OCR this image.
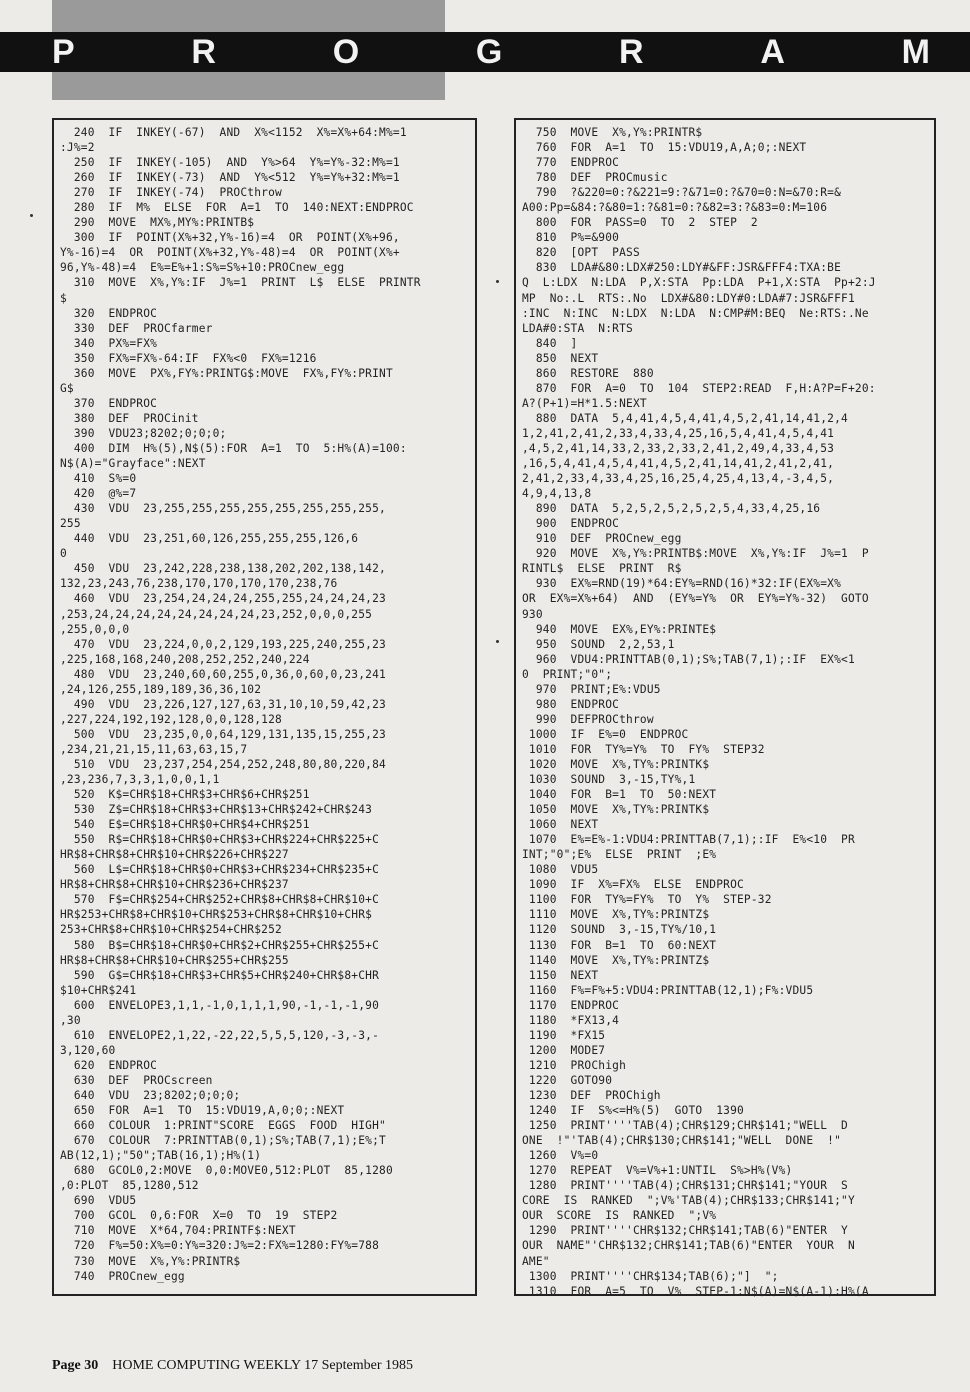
P	R	O	G	R	A	M
240  IF  INKEY(-67)  AND  X%<1152  X%=X%+64:M%=1
:J%=2
250  IF  INKEY(-105)  AND  Y%>64  Y%=Y%-32:M%=1
260  IF  INKEY(-73)  AND  Y%<512  Y%=Y%+32:M%=1
270  IF  INKEY(-74)  PROCthrow
280  IF  M%  ELSE  FOR  A=1  TO  140:NEXT:ENDPROC
290  MOVE  MX%,MY%:PRINTB$
300  IF  POINT(X%+32,Y%-16)=4  OR  POINT(X%+96,
Y%-16)=4  OR  POINT(X%+32,Y%-48)=4  OR  POINT(X%+
96,Y%-48)=4  E%=E%+1:S%=S%+10:PROCnew_egg
310  MOVE  X%,Y%:IF  J%=1  PRINT  L$  ELSE  PRINTR
$
320  ENDPROC
330  DEF  PROCfarmer
340  PX%=FX%
350  FX%=FX%-64:IF  FX%<0  FX%=1216
360  MOVE  PX%,FY%:PRINTG$:MOVE  FX%,FY%:PRINT
G$
370  ENDPROC
380  DEF  PROCinit
390  VDU23;8202;0;0;0;
400  DIM  H%(5),N$(5):FOR  A=1  TO  5:H%(A)=100:
N$(A)="Grayface":NEXT
410  S%=0
420  @%=7
430  VDU  23,255,255,255,255,255,255,255,255,
255
440  VDU  23,251,60,126,255,255,255,126,6
0
450  VDU  23,242,228,238,138,202,202,138,142,
132,23,243,76,238,170,170,170,170,238,76
460  VDU  23,254,24,24,24,255,255,24,24,24,23
,253,24,24,24,24,24,24,24,24,23,252,0,0,0,255
,255,0,0,0
470  VDU  23,224,0,0,2,129,193,225,240,255,23
,225,168,168,240,208,252,252,240,224
480  VDU  23,240,60,60,255,0,36,0,60,0,23,241
,24,126,255,189,189,36,36,102
490  VDU  23,226,127,127,63,31,10,10,59,42,23
,227,224,192,192,128,0,0,128,128
500  VDU  23,235,0,0,64,129,131,135,15,255,23
,234,21,21,15,11,63,63,15,7
510  VDU  23,237,254,254,252,248,80,80,220,84
,23,236,7,3,3,1,0,0,1,1
520  K$=CHR$18+CHR$3+CHR$6+CHR$251
530  Z$=CHR$18+CHR$3+CHR$13+CHR$242+CHR$243
540  E$=CHR$18+CHR$0+CHR$4+CHR$251
550  R$=CHR$18+CHR$0+CHR$3+CHR$224+CHR$225+C
HR$8+CHR$8+CHR$10+CHR$226+CHR$227
560  L$=CHR$18+CHR$0+CHR$3+CHR$234+CHR$235+C
HR$8+CHR$8+CHR$10+CHR$236+CHR$237
570  F$=CHR$254+CHR$252+CHR$8+CHR$8+CHR$10+C
HR$253+CHR$8+CHR$10+CHR$253+CHR$8+CHR$10+CHR$
253+CHR$8+CHR$10+CHR$254+CHR$252
580  B$=CHR$18+CHR$0+CHR$2+CHR$255+CHR$255+C
HR$8+CHR$8+CHR$10+CHR$255+CHR$255
590  G$=CHR$18+CHR$3+CHR$5+CHR$240+CHR$8+CHR
$10+CHR$241
600  ENVELOPE3,1,1,-1,0,1,1,1,90,-1,-1,-1,90
,30
610  ENVELOPE2,1,22,-22,22,5,5,5,120,-3,-3,-
3,120,60
620  ENDPROC
630  DEF  PROCscreen
640  VDU  23;8202;0;0;0;
650  FOR  A=1  TO  15:VDU19,A,0;0;:NEXT
660  COLOUR  1:PRINT"SCORE  EGGS  FOOD  HIGH"
670  COLOUR  7:PRINTTAB(0,1);S%;TAB(7,1);E%;T
AB(12,1);"50";TAB(16,1);H%(1)
680  GCOL0,2:MOVE  0,0:MOVE0,512:PLOT  85,1280
,0:PLOT  85,1280,512
690  VDU5
700  GCOL  0,6:FOR  X=0  TO  19  STEP2
710  MOVE  X*64,704:PRINTF$:NEXT
720  F%=50:X%=0:Y%=320:J%=2:FX%=1280:FY%=788
730  MOVE  X%,Y%:PRINTR$
740  PROCnew_egg
750  MOVE  X%,Y%:PRINTR$
760  FOR  A=1  TO  15:VDU19,A,A;0;:NEXT
770  ENDPROC
780  DEF  PROCmusic
790  ?&220=0:?&221=9:?&71=0:?&70=0:N=&70:R=&
A00:Pp=&84:?&80=1:?&81=0:?&82=3:?&83=0:M=106
800  FOR  PASS=0  TO  2  STEP  2
810  P%=&900
820  [OPT  PASS
830  LDA#&80:LDX#250:LDY#&FF:JSR&FFF4:TXA:BE
Q  L:LDX  N:LDA  P,X:STA  Pp:LDA  P+1,X:STA  Pp+2:J
MP  No:.L  RTS:.No  LDX#&80:LDY#0:LDA#7:JSR&FFF1
:INC  N:INC  N:LDX  N:LDA  N:CMP#M:BEQ  Ne:RTS:.Ne
LDA#0:STA  N:RTS
840  ]
850  NEXT
860  RESTORE  880
870  FOR  A=0  TO  104  STEP2:READ  F,H:A?P=F+20:
A?(P+1)=H*1.5:NEXT
880  DATA  5,4,41,4,5,4,41,4,5,2,41,14,41,2,4
1,2,41,2,41,2,33,4,33,4,25,16,5,4,41,4,5,4,41
,4,5,2,41,14,33,2,33,2,33,2,41,2,49,4,33,4,53
,16,5,4,41,4,5,4,41,4,5,2,41,14,41,2,41,2,41,
2,41,2,33,4,33,4,25,16,25,4,25,4,13,4,-3,4,5,
4,9,4,13,8
890  DATA  5,2,5,2,5,2,5,2,5,4,33,4,25,16
900  ENDPROC
910  DEF  PROCnew_egg
920  MOVE  X%,Y%:PRINTB$:MOVE  X%,Y%:IF  J%=1  P
RINTL$  ELSE  PRINT  R$
930  EX%=RND(19)*64:EY%=RND(16)*32:IF(EX%=X%
OR  EX%=X%+64)  AND  (EY%=Y%  OR  EY%=Y%-32)  GOTO
930
940  MOVE  EX%,EY%:PRINTE$
950  SOUND  2,2,53,1
960  VDU4:PRINTTAB(0,1);S%;TAB(7,1);:IF  EX%<1
0  PRINT;"0";
970  PRINT;E%:VDU5
980  ENDPROC
990  DEFPROCthrow
1000  IF  E%=0  ENDPROC
1010  FOR  TY%=Y%  TO  FY%  STEP32
1020  MOVE  X%,TY%:PRINTK$
1030  SOUND  3,-15,TY%,1
1040  FOR  B=1  TO  50:NEXT
1050  MOVE  X%,TY%:PRINTK$
1060  NEXT
1070  E%=E%-1:VDU4:PRINTTAB(7,1);:IF  E%<10  PR
INT;"0";E%  ELSE  PRINT  ;E%
1080  VDU5
1090  IF  X%=FX%  ELSE  ENDPROC
1100  FOR  TY%=FY%  TO  Y%  STEP-32
1110  MOVE  X%,TY%:PRINTZ$
1120  SOUND  3,-15,TY%/10,1
1130  FOR  B=1  TO  60:NEXT
1140  MOVE  X%,TY%:PRINTZ$
1150  NEXT
1160  F%=F%+5:VDU4:PRINTTAB(12,1);F%:VDU5
1170  ENDPROC
1180  *FX13,4
1190  *FX15
1200  MODE7
1210  PROChigh
1220  GOTO90
1230  DEF  PROChigh
1240  IF  S%<=H%(5)  GOTO  1390
1250  PRINT''''TAB(4);CHR$129;CHR$141;"WELL  D
ONE  !"'TAB(4);CHR$130;CHR$141;"WELL  DONE  !"
1260  V%=0
1270  REPEAT  V%=V%+1:UNTIL  S%>H%(V%)
1280  PRINT''''TAB(4);CHR$131;CHR$141;"YOUR  S
CORE  IS  RANKED  ";V%'TAB(4);CHR$133;CHR$141;"Y
OUR  SCORE  IS  RANKED  ";V%
1290  PRINT''''CHR$132;CHR$141;TAB(6)"ENTER  Y
OUR  NAME"'CHR$132;CHR$141;TAB(6)"ENTER  YOUR  N
AME"
1300  PRINT''''CHR$134;TAB(6);"]  ";
1310  FOR  A=5  TO  V%  STEP-1:N$(A)=N$(A-1):H%(A
Page 30 HOME COMPUTING WEEKLY 17 September 1985
